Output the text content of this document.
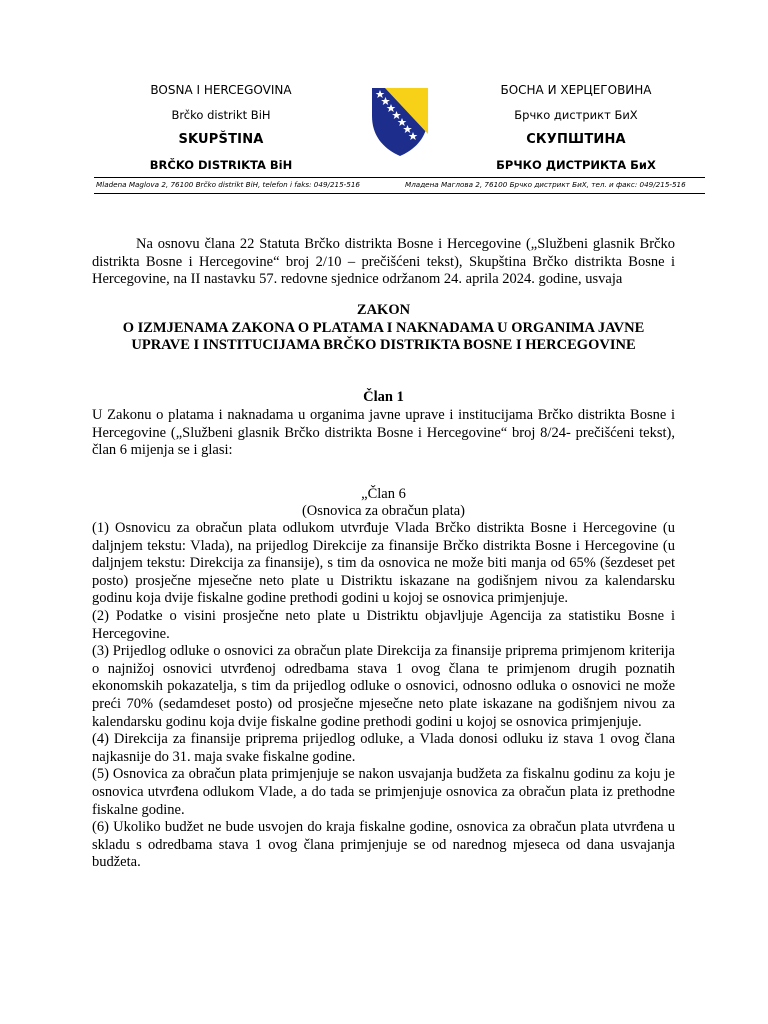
BOSNA I HERCEGOVINA
Brčko distrikt BiH
SKUPŠTINA
BRČKO DISTRIKTA BiH
БОСНА И ХЕРЦЕГОВИНА
Брчко дистрикт БиХ
СКУПШТИНА
БРЧКО ДИСТРИКТА БиХ
Mladena Maglova 2, 76100 Brčko distrikt BiH, telefon i faks: 049/215-516	Младена Маглова 2, 76100 Брчко дистрикт БиХ, тел. и факс: 049/215-516
Na osnovu člana 22 Statuta Brčko distrikta Bosne i Hercegovine („Službeni glasnik Brčko distrikta Bosne i Hercegovine“ broj 2/10 – prečišćeni tekst), Skupština Brčko distrikta Bosne i Hercegovine, na II nastavku 57. redovne sjednice održanom 24. aprila 2024. godine, usvaja
ZAKON
O IZMJENAMA ZAKONA O PLATAMA I NAKNADAMA U ORGANIMA JAVNE
UPRAVE I INSTITUCIJAMA BRČKO DISTRIKTA BOSNE I HERCEGOVINE
Član 1
U Zakonu o platama i naknadama u organima javne uprave i institucijama Brčko distrikta Bosne i Hercegovine („Službeni glasnik Brčko distrikta Bosne i Hercegovine“ broj 8/24- prečišćeni tekst), član 6 mijenja se i glasi:
„Član 6
(Osnovica za obračun plata)

(1) Osnovicu za obračun plata odlukom utvrđuje Vlada Brčko distrikta Bosne i Hercegovine (u daljnjem tekstu: Vlada), na prijedlog Direkcije za finansije Brčko distrikta Bosne i Hercegovine (u daljnjem tekstu: Direkcija za finansije), s tim da osnovica ne može biti manja od 65% (šezdeset pet posto) prosječne mjesečne neto plate u Distriktu iskazane na godišnjem nivou za kalendarsku godinu koja dvije fiskalne godine prethodi godini u kojoj se osnovica primjenjuje.

(2) Podatke o visini prosječne neto plate u Distriktu objavljuje Agencija za statistiku Bosne i Hercegovine.

(3) Prijedlog odluke o osnovici za obračun plate Direkcija za finansije priprema primjenom kriterija o najnižoj osnovici utvrđenoj odredbama stava 1 ovog člana te primjenom drugih poznatih ekonomskih pokazatelja, s tim da prijedlog odluke o osnovici, odnosno odluka o osnovici ne može preći 70% (sedamdeset posto) od prosječne mjesečne neto plate iskazane na godišnjem nivou za kalendarsku godinu koja dvije fiskalne godine prethodi godini u kojoj se osnovica primjenjuje.

(4) Direkcija za finansije priprema prijedlog odluke, a Vlada donosi odluku iz stava 1 ovog člana najkasnije do 31. maja svake fiskalne godine.

(5) Osnovica za obračun plata primjenjuje se nakon usvajanja budžeta za fiskalnu godinu za koju je osnovica utvrđena odlukom Vlade, a do tada se primjenjuje osnovica za obračun plata iz prethodne fiskalne godine.

(6) Ukoliko budžet ne bude usvojen do kraja fiskalne godine, osnovica za obračun plata utvrđena u skladu s odredbama stava 1 ovog člana primjenjuje se od narednog mjeseca od dana usvajanja budžeta.
